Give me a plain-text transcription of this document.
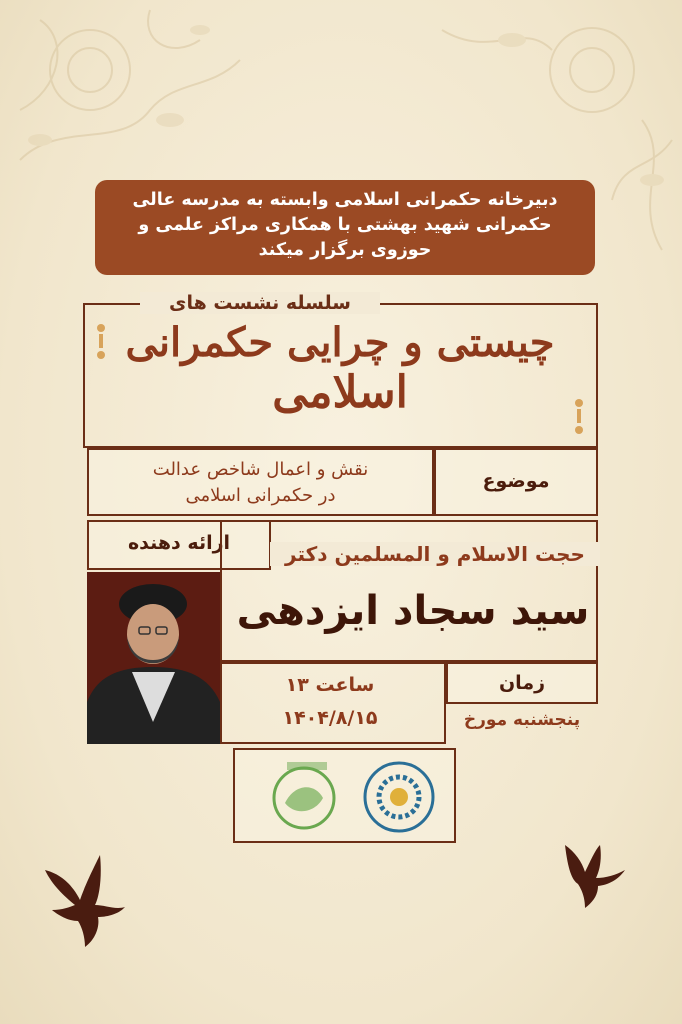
دبیرخانه حکمرانی اسلامی وابسته به مدرسه عالی
حکمرانی شهید بهشتی با همکاری مراکز علمی و
حوزوی برگزار میکند
سلسله نشست های
چیستی و چرایی حکمرانی
اسلامی
نقش و اعمال شاخص عدالت
در حکمرانی اسلامی
موضوع
ارائه دهنده	حجت الاسلام و المسلمین دکتر
سید سجاد ایزدهی
زمان
ساعت ۱۳
۱۴۰۴/۸/۱۵	پنجشنبه مورخ
